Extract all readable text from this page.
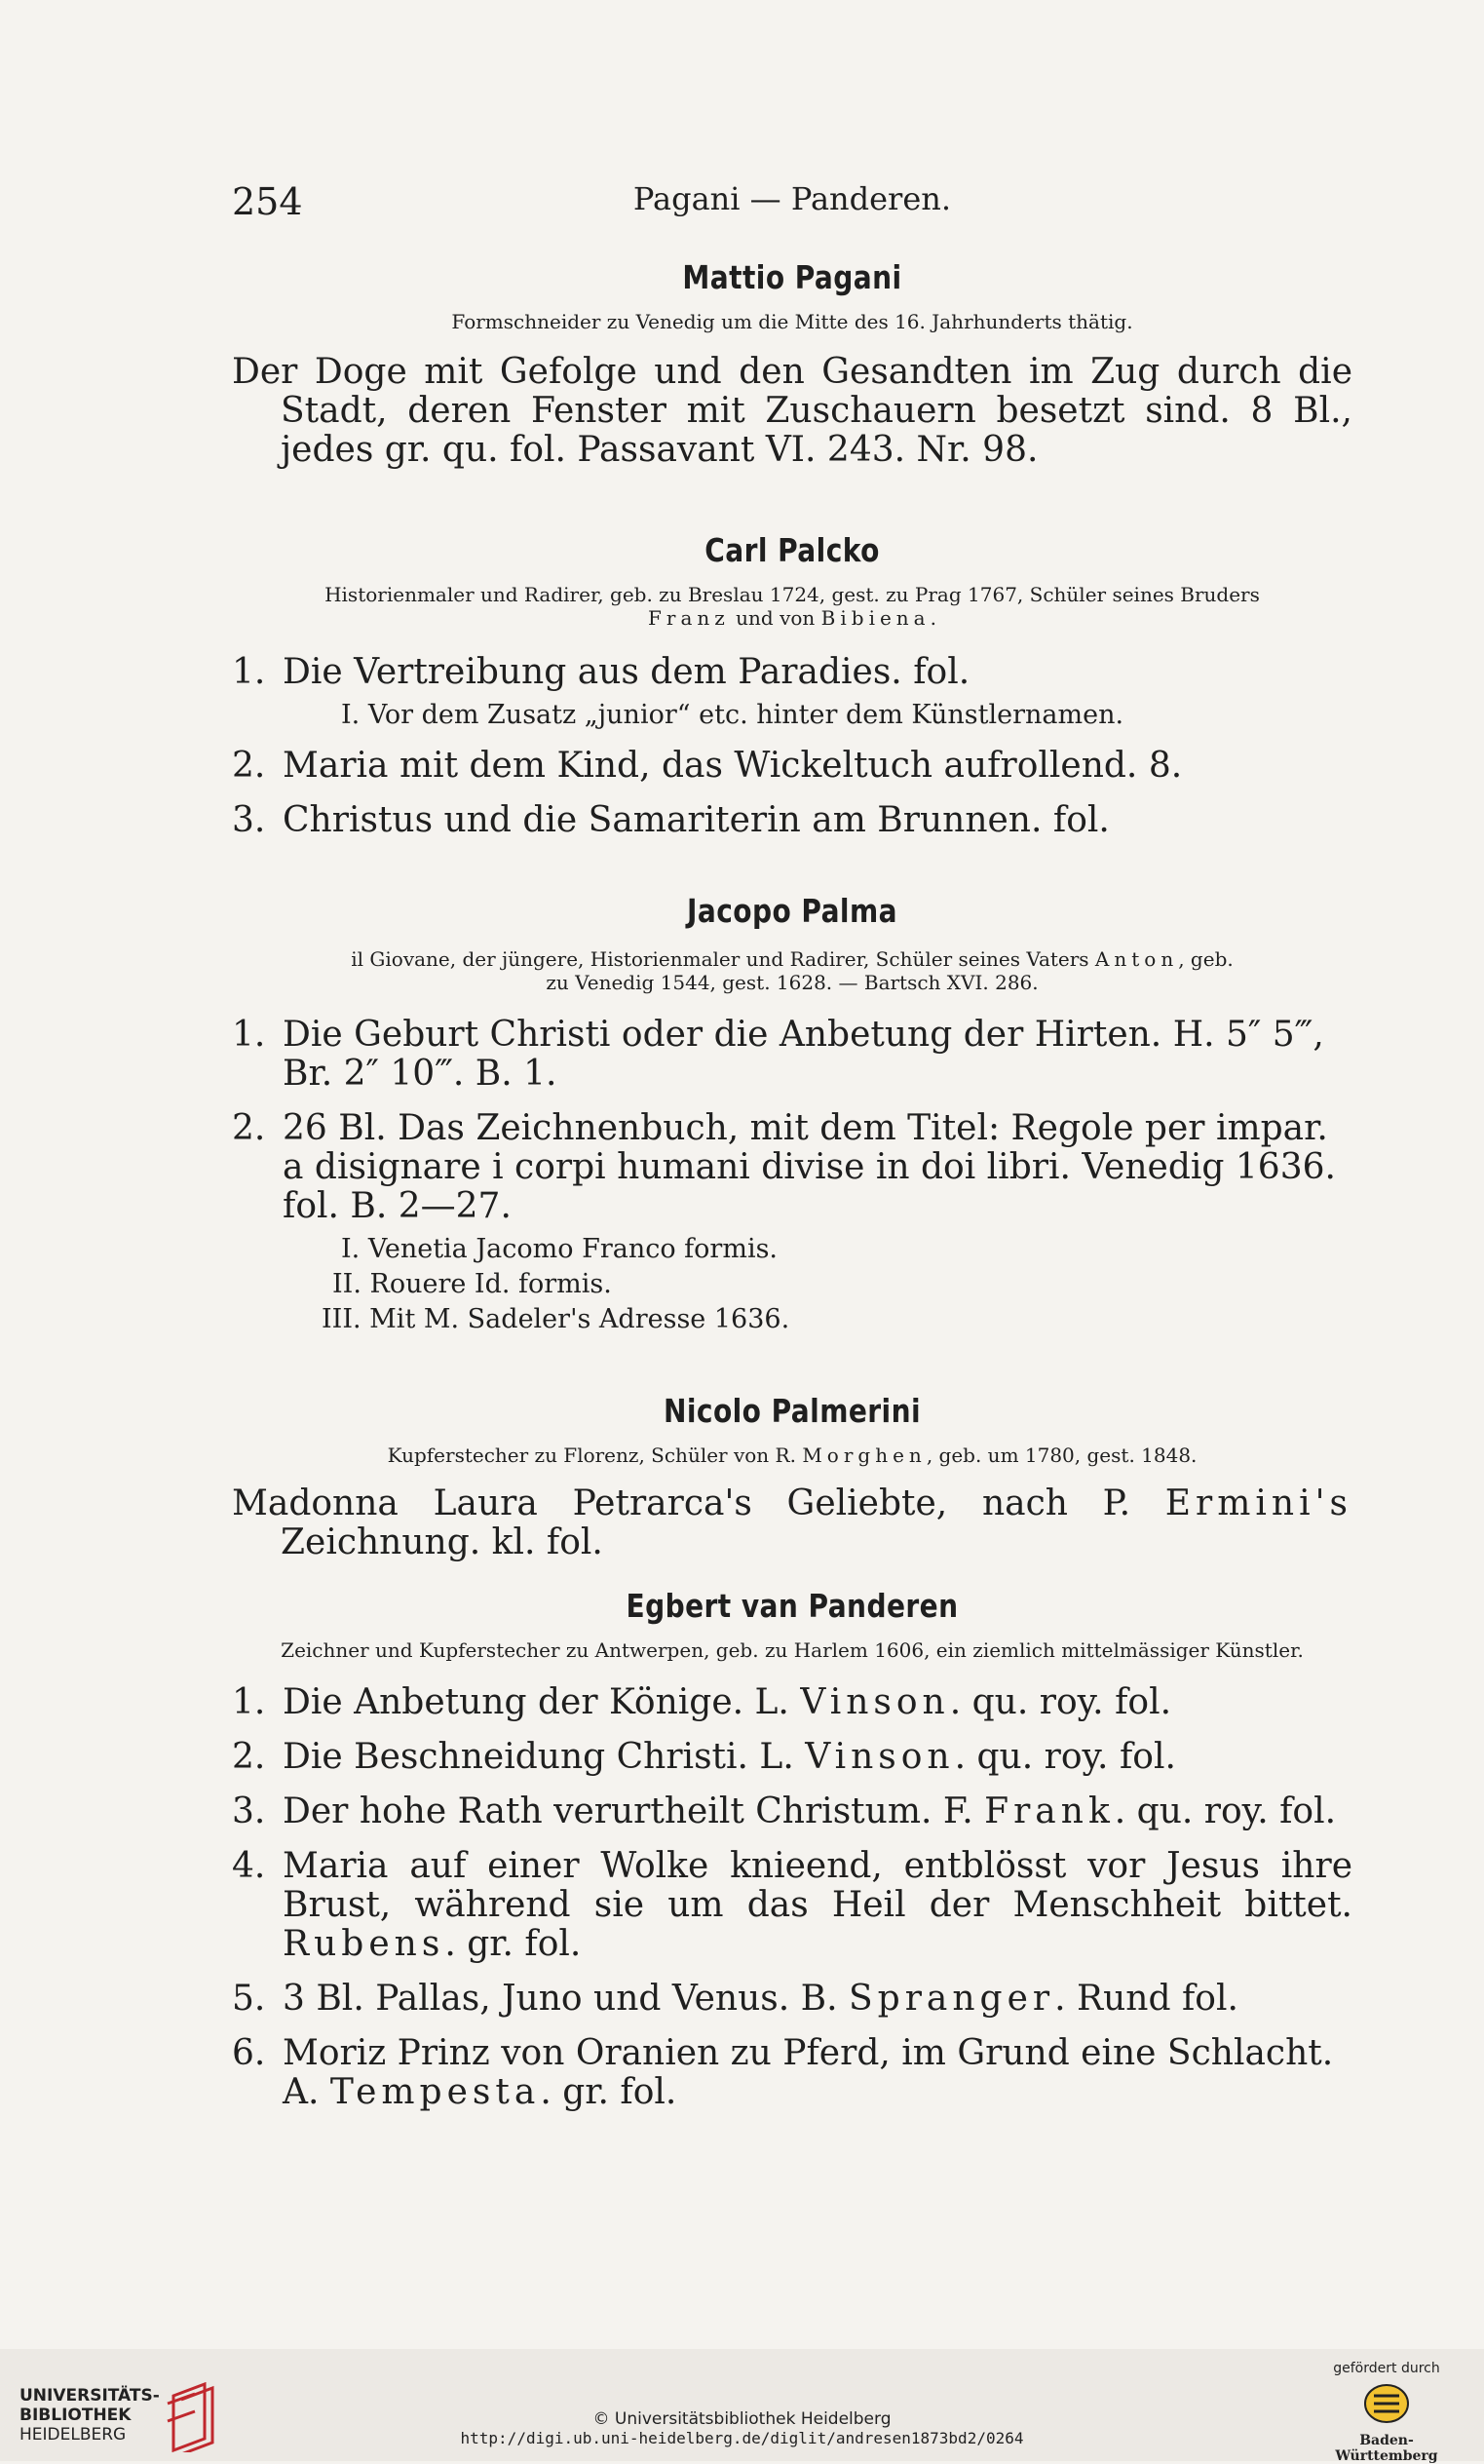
254	Pagani — Panderen.
Mattio Pagani

Formschneider zu Venedig um die Mitte des 16. Jahrhunderts thätig.

Der Doge mit Gefolge und den Gesandten im Zug durch die Stadt, deren Fenster mit Zuschauern besetzt sind. 8 Bl., jedes gr. qu. fol. Passavant VI. 243. Nr. 98.

Carl Palcko

Historienmaler und Radirer, geb. zu Breslau 1724, gest. zu Prag 1767, Schüler seines Bruders
Franz und von Bibiena.

1. Die Vertreibung aus dem Paradies. fol.
I. Vor dem Zusatz „junior“ etc. hinter dem Künstlernamen.
2. Maria mit dem Kind, das Wickeltuch aufrollend. 8.
3. Christus und die Samariterin am Brunnen. fol.
Jacopo Palma

il Giovane, der jüngere, Historienmaler und Radirer, Schüler seines Vaters Anton, geb.
zu Venedig 1544, gest. 1628. — Bartsch XVI. 286.

1. Die Geburt Christi oder die Anbetung der Hirten. H. 5″ 5‴, Br. 2″ 10‴. B. 1.
2. 26 Bl. Das Zeichnenbuch, mit dem Titel: Regole per impar. a disignare i corpi humani divise in doi libri. Venedig 1636. fol. B. 2—27.
I. Venetia Jacomo Franco formis.
II. Rouere Id. formis.
III. Mit M. Sadeler's Adresse 1636.
Nicolo Palmerini

Kupferstecher zu Florenz, Schüler von R. Morghen, geb. um 1780, gest. 1848.

Madonna Laura Petrarca's Geliebte, nach P. Ermini's Zeichnung. kl. fol.

Egbert van Panderen

Zeichner und Kupferstecher zu Antwerpen, geb. zu Harlem 1606, ein ziemlich mittelmässiger Künstler.

1. Die Anbetung der Könige. L. Vinson. qu. roy. fol.
2. Die Beschneidung Christi. L. Vinson. qu. roy. fol.
3. Der hohe Rath verurtheilt Christum. F. Frank. qu. roy. fol.
4. Maria auf einer Wolke knieend, entblösst vor Jesus ihre Brust, während sie um das Heil der Menschheit bittet. Rubens. gr. fol.
5. 3 Bl. Pallas, Juno und Venus. B. Spranger. Rund fol.
6. Moriz Prinz von Oranien zu Pferd, im Grund eine Schlacht. A. Tempesta. gr. fol.
UNIVERSITÄTS-
BIBLIOTHEK
HEIDELBERG
© Universitätsbibliothek Heidelberg
http://digi.ub.uni-heidelberg.de/diglit/andresen1873bd2/0264
gefördert durch
Baden-Württemberg
